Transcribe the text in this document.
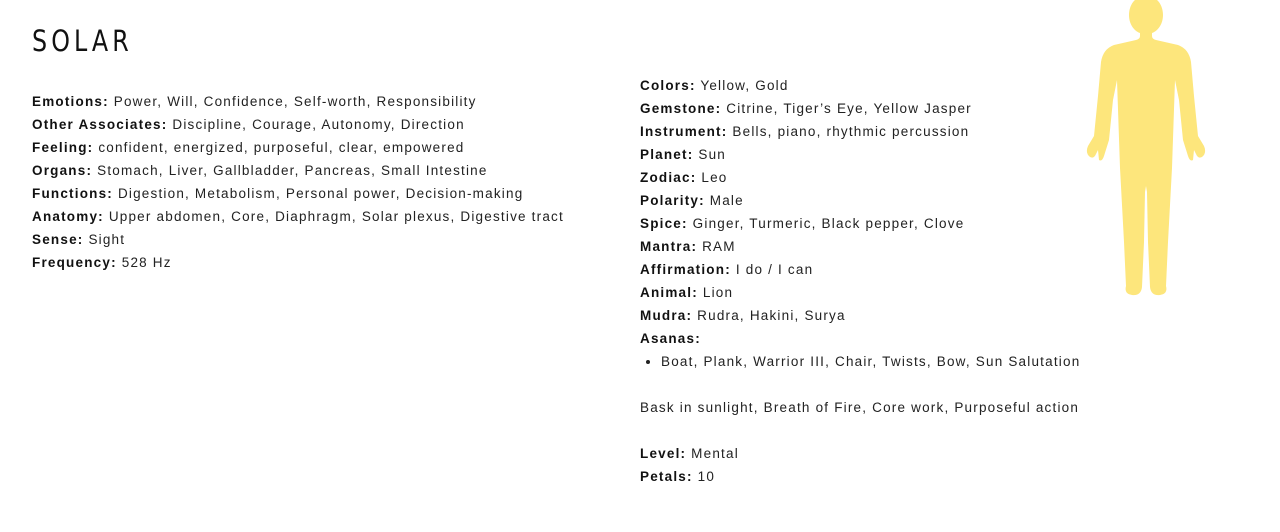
SOLAR

Emotions: Power, Will, Confidence, Self-worth, Responsibility

Other Associates: Discipline, Courage, Autonomy, Direction

Feeling: confident, energized, purposeful, clear, empowered

Organs: Stomach, Liver, Gallbladder, Pancreas, Small Intestine

Functions: Digestion, Metabolism, Personal power, Decision-making

Anatomy: Upper abdomen, Core, Diaphragm, Solar plexus, Digestive tract

Sense: Sight

Frequency: 528 Hz

Colors: Yellow, Gold

Gemstone: Citrine, Tiger’s Eye, Yellow Jasper

Instrument: Bells, piano, rhythmic percussion

Planet: Sun

Zodiac: Leo

Polarity: Male

Spice: Ginger, Turmeric, Black pepper, Clove

Mantra: RAM

Affirmation: I do / I can

Animal: Lion

Mudra: Rudra, Hakini, Surya

Asanas:

• Boat, Plank, Warrior III, Chair, Twists, Bow, Sun Salutation

Bask in sunlight, Breath of Fire, Core work, Purposeful action

Level: Mental

Petals: 10
